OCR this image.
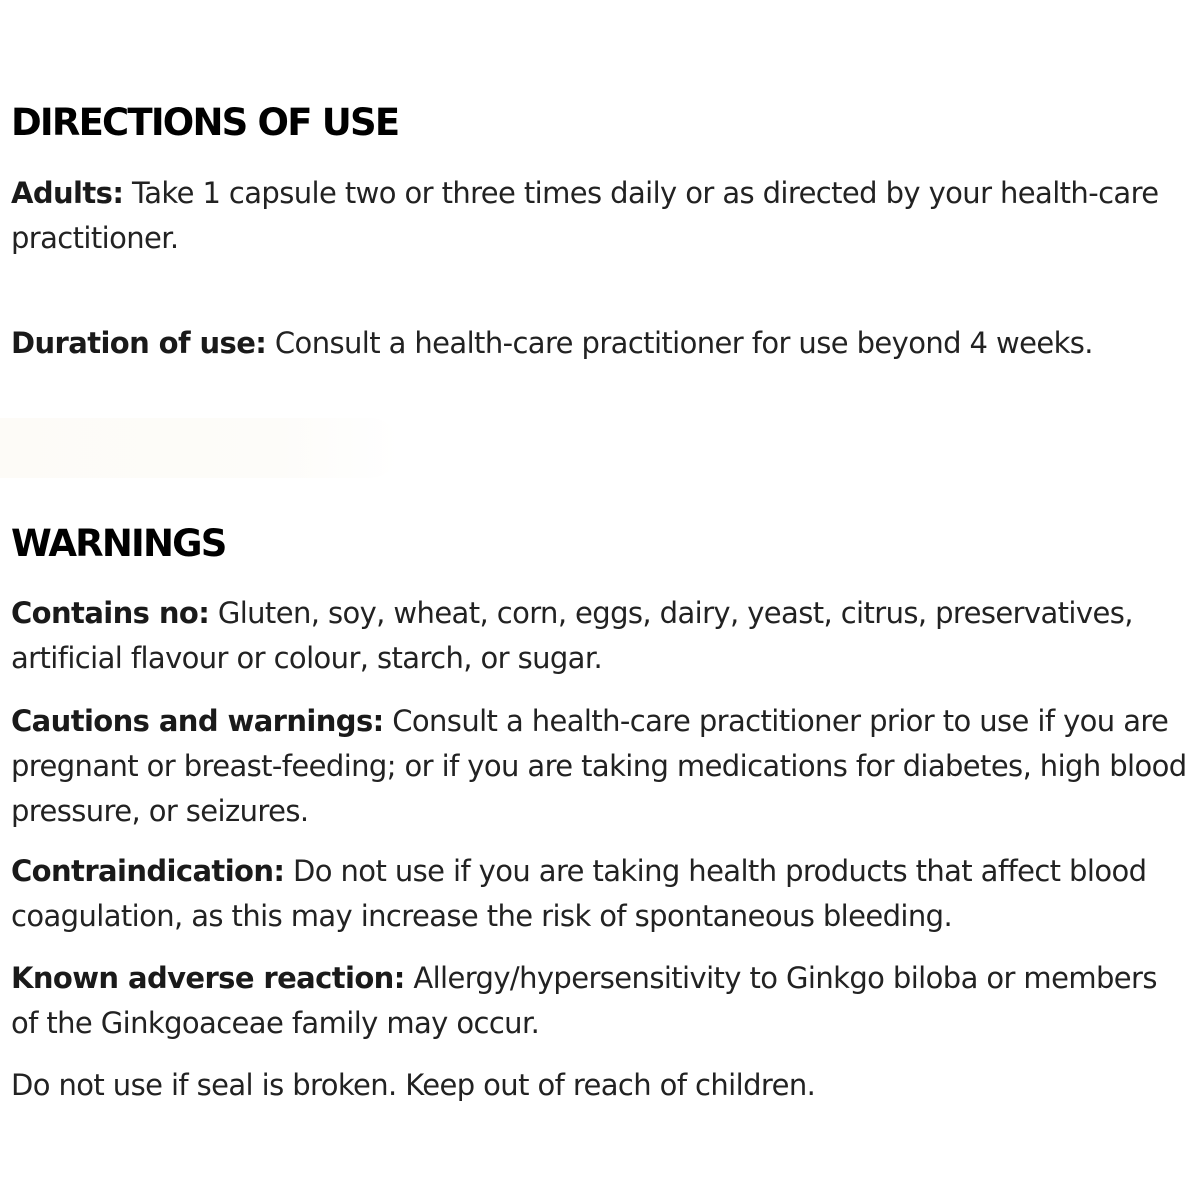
DIRECTIONS OF USE

Adults: Take 1 capsule two or three times daily or as directed by your health-care practitioner.

Duration of use: Consult a health-care practitioner for use beyond 4 weeks.

WARNINGS

Contains no: Gluten, soy, wheat, corn, eggs, dairy, yeast, citrus, preservatives, artificial flavour or colour, starch, or sugar.

Cautions and warnings: Consult a health-care practitioner prior to use if you are pregnant or breast-feeding; or if you are taking medications for diabetes, high blood pressure, or seizures.

Contraindication: Do not use if you are taking health products that affect blood coagulation, as this may increase the risk of spontaneous bleeding.

Known adverse reaction: Allergy/hypersensitivity to Ginkgo biloba or members of the Ginkgoaceae family may occur.

Do not use if seal is broken. Keep out of reach of children.
